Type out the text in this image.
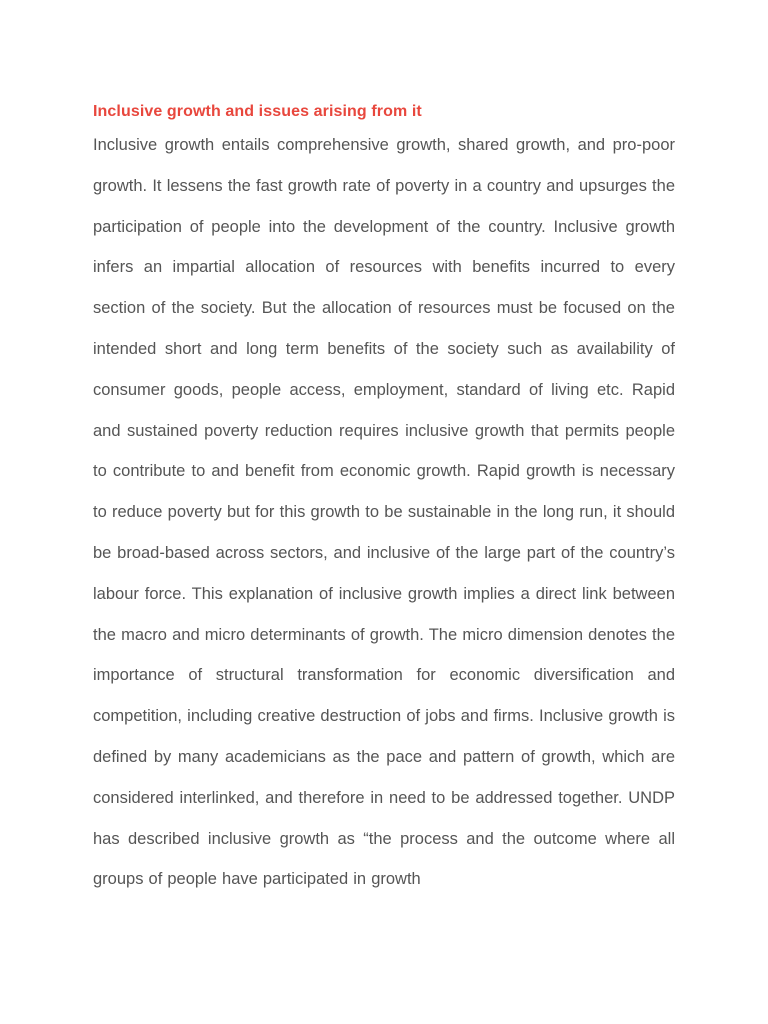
Inclusive growth and issues arising from it

Inclusive growth entails comprehensive growth, shared growth, and pro-poor growth. It lessens the fast growth rate of poverty in a country and upsurges the participation of people into the development of the country. Inclusive growth infers an impartial allocation of resources with benefits incurred to every section of the society. But the allocation of resources must be focused on the intended short and long term benefits of the society such as availability of consumer goods, people access, employment, standard of living etc. Rapid and sustained poverty reduction requires inclusive growth that permits people to contribute to and benefit from economic growth. Rapid growth is necessary to reduce poverty but for this growth to be sustainable in the long run, it should be broad-based across sectors, and inclusive of the large part of the country’s labour force. This explanation of inclusive growth implies a direct link between the macro and micro determinants of growth. The micro dimension denotes the importance of structural transformation for economic diversification and competition, including creative destruction of jobs and firms. Inclusive growth is defined by many academicians as the pace and pattern of growth, which are considered interlinked, and therefore in need to be addressed together. UNDP has described inclusive growth as “the process and the outcome where all groups of people have participated in growth
